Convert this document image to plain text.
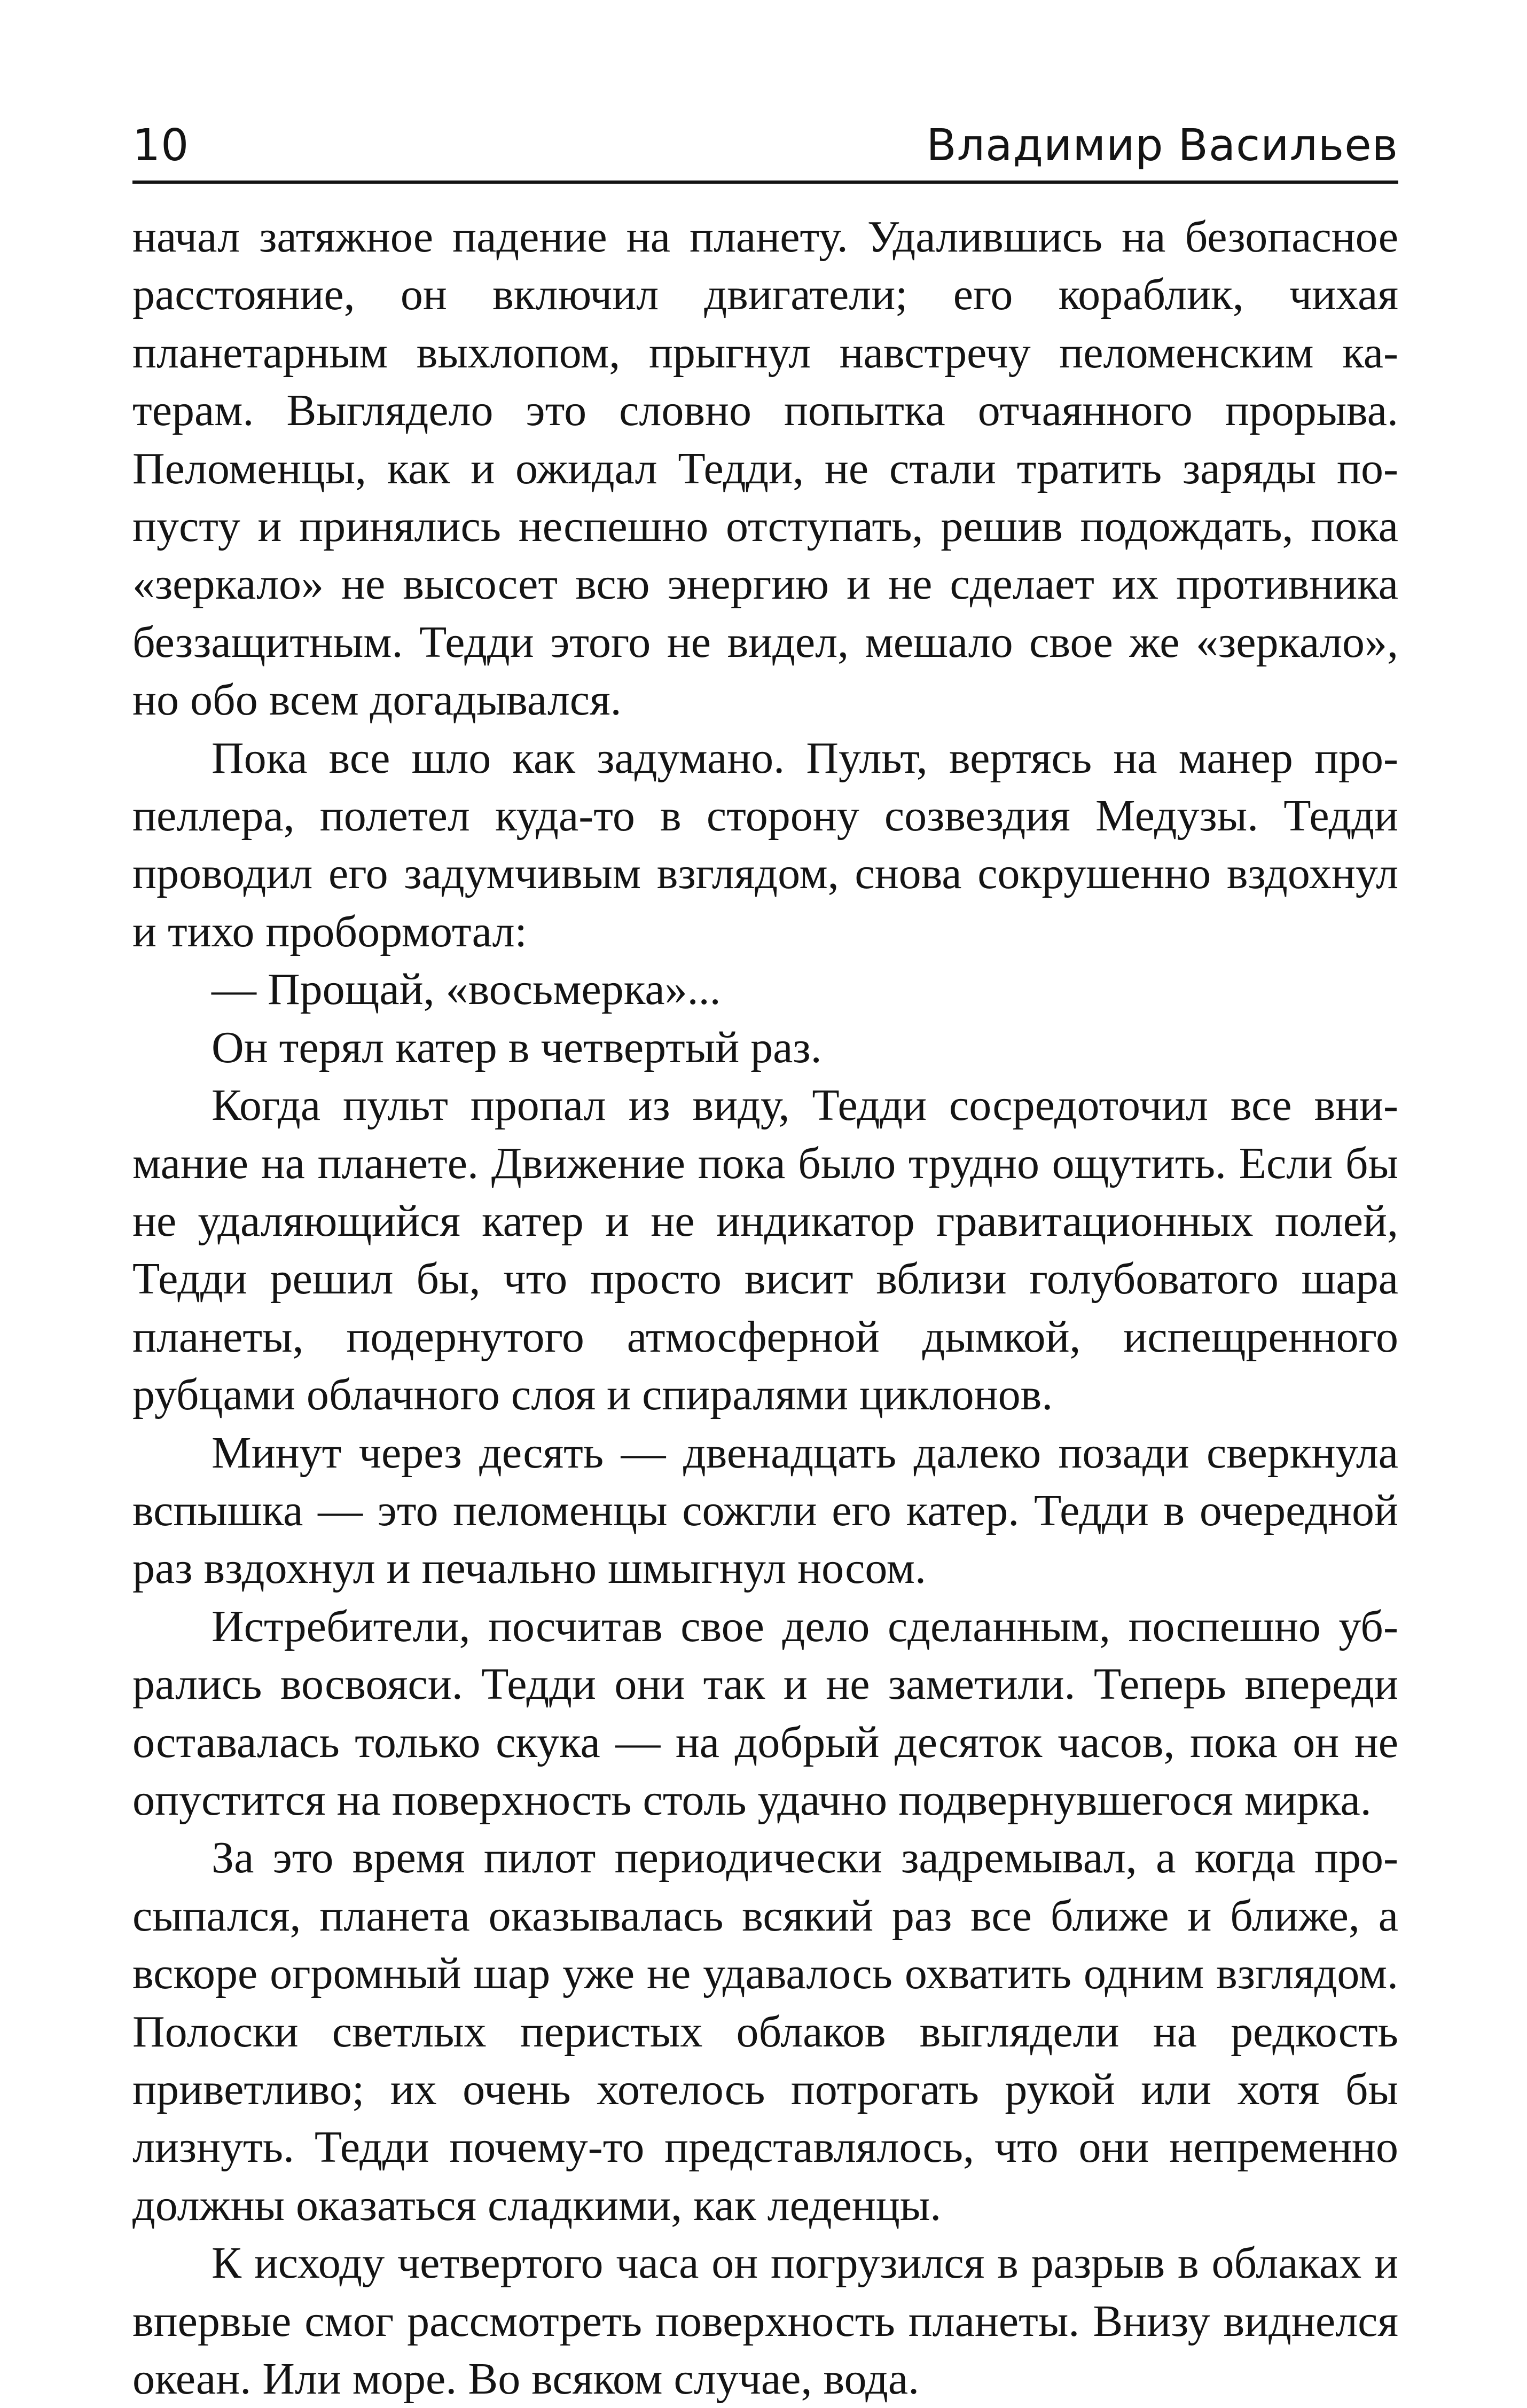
10	Владимир Васильев

начал затяжное падение на планету. Удалившись на безопасное расстояние, он включил двигатели; его кораблик, чихая планетарным выхлопом, прыгнул навстречу пеломенским катерам. Выглядело это словно попытка отчаянного прорыва. Пеломенцы, как и ожидал Тедди, не стали тратить заряды попусту и принялись неспешно отступать, решив подождать, пока «зеркало» не высосет всю энергию и не сделает их противника беззащитным. Тедди этого не видел, мешало свое же «зеркало», но обо всем догадывался.

Пока все шло как задумано. Пульт, вертясь на манер пропеллера, полетел куда-то в сторону созвездия Медузы. Тедди проводил его задумчивым взглядом, снова сокрушенно вздохнул и тихо пробормотал:

— Прощай, «восьмерка»...

Он терял катер в четвертый раз.

Когда пульт пропал из виду, Тедди сосредоточил все внимание на планете. Движение пока было трудно ощутить. Если бы не удаляющийся катер и не индикатор гравитационных полей, Тедди решил бы, что просто висит вблизи голубоватого шара планеты, подернутого атмосферной дымкой, испещренного рубцами облачного слоя и спиралями циклонов.

Минут через десять — двенадцать далеко позади сверкнула вспышка — это пеломенцы сожгли его катер. Тедди в очередной раз вздохнул и печально шмыгнул носом.

Истребители, посчитав свое дело сделанным, поспешно убрались восвояси. Тедди они так и не заметили. Теперь впереди оставалась только скука — на добрый десяток часов, пока он не опустится на поверхность столь удачно подвернувшегося мирка.

За это время пилот периодически задремывал, а когда просыпался, планета оказывалась всякий раз все ближе и ближе, а вскоре огромный шар уже не удавалось охватить одним взглядом. Полоски светлых перистых облаков выглядели на редкость приветливо; их очень хотелось потрогать рукой или хотя бы лизнуть. Тедди почему-то представлялось, что они непременно должны оказаться сладкими, как леденцы.

К исходу четвертого часа он погрузился в разрыв в облаках и впервые смог рассмотреть поверхность планеты. Внизу виднелся океан. Или море. Во всяком случае, вода.
